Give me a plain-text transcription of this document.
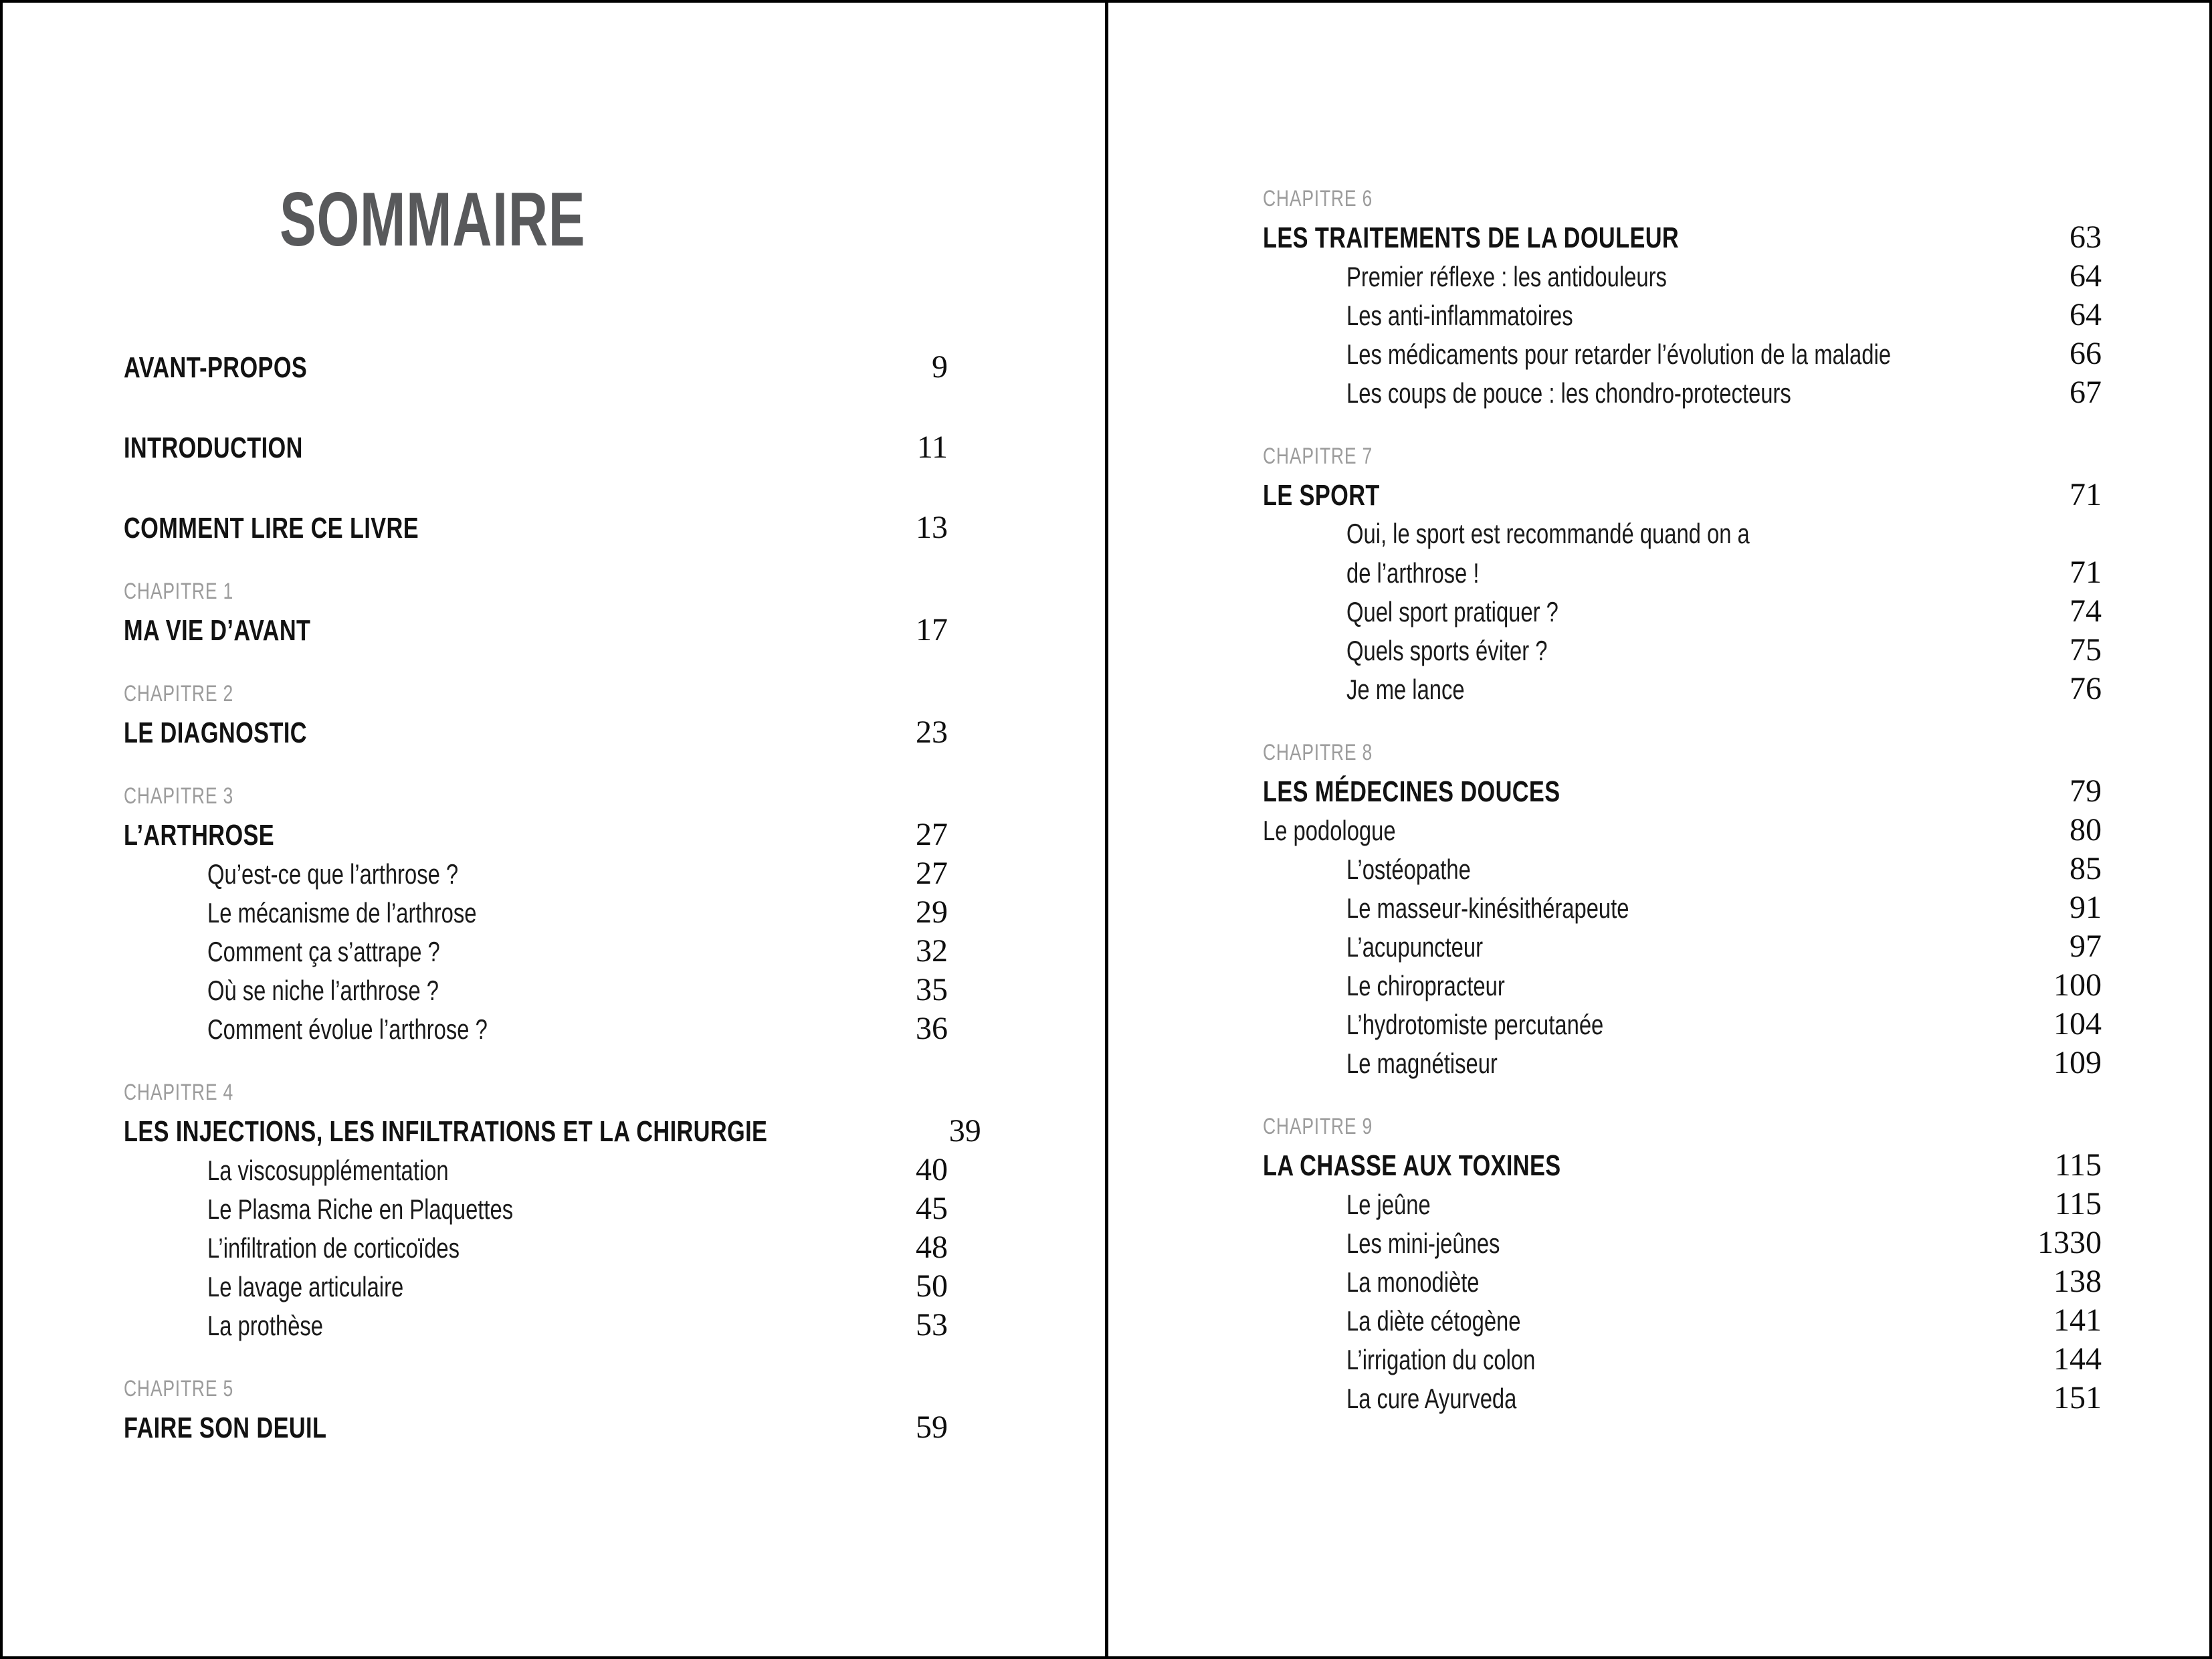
SOMMAIRE
AVANT-PROPOS	9
INTRODUCTION	11
COMMENT LIRE CE LIVRE	13
CHAPITRE 1
MA VIE D’AVANT	17
CHAPITRE 2
LE DIAGNOSTIC	23
CHAPITRE 3
L’ARTHROSE	27
Qu’est-ce que l’arthrose ?	27
Le mécanisme de l’arthrose	29
Comment ça s’attrape ?	32
Où se niche l’arthrose ?	35
Comment évolue l’arthrose ?	36
CHAPITRE 4
LES INJECTIONS, LES INFILTRATIONS ET LA CHIRURGIE	39
La viscosupplémentation	40
Le Plasma Riche en Plaquettes	45
L’infiltration de corticoïdes	48
Le lavage articulaire	50
La prothèse	53
CHAPITRE 5
FAIRE SON DEUIL	59
CHAPITRE 6
LES TRAITEMENTS DE LA DOULEUR	63
Premier réflexe : les antidouleurs	64
Les anti-inflammatoires	64
Les médicaments pour retarder l’évolution de la maladie	66
Les coups de pouce : les chondro-protecteurs	67
CHAPITRE 7
LE SPORT	71
Oui, le sport est recommandé quand on a
de l’arthrose !	71
Quel sport pratiquer ?	74
Quels sports éviter ?	75
Je me lance	76
CHAPITRE 8
LES MÉDECINES DOUCES	79
Le podologue	80
L’ostéopathe	85
Le masseur-kinésithérapeute	91
L’acupuncteur	97
Le chiropracteur	100
L’hydrotomiste percutanée	104
Le magnétiseur	109
CHAPITRE 9
LA CHASSE AUX TOXINES	115
Le jeûne	115
Les mini-jeûnes	1330
La monodiète	138
La diète cétogène	141
L’irrigation du colon	144
La cure Ayurveda	151
